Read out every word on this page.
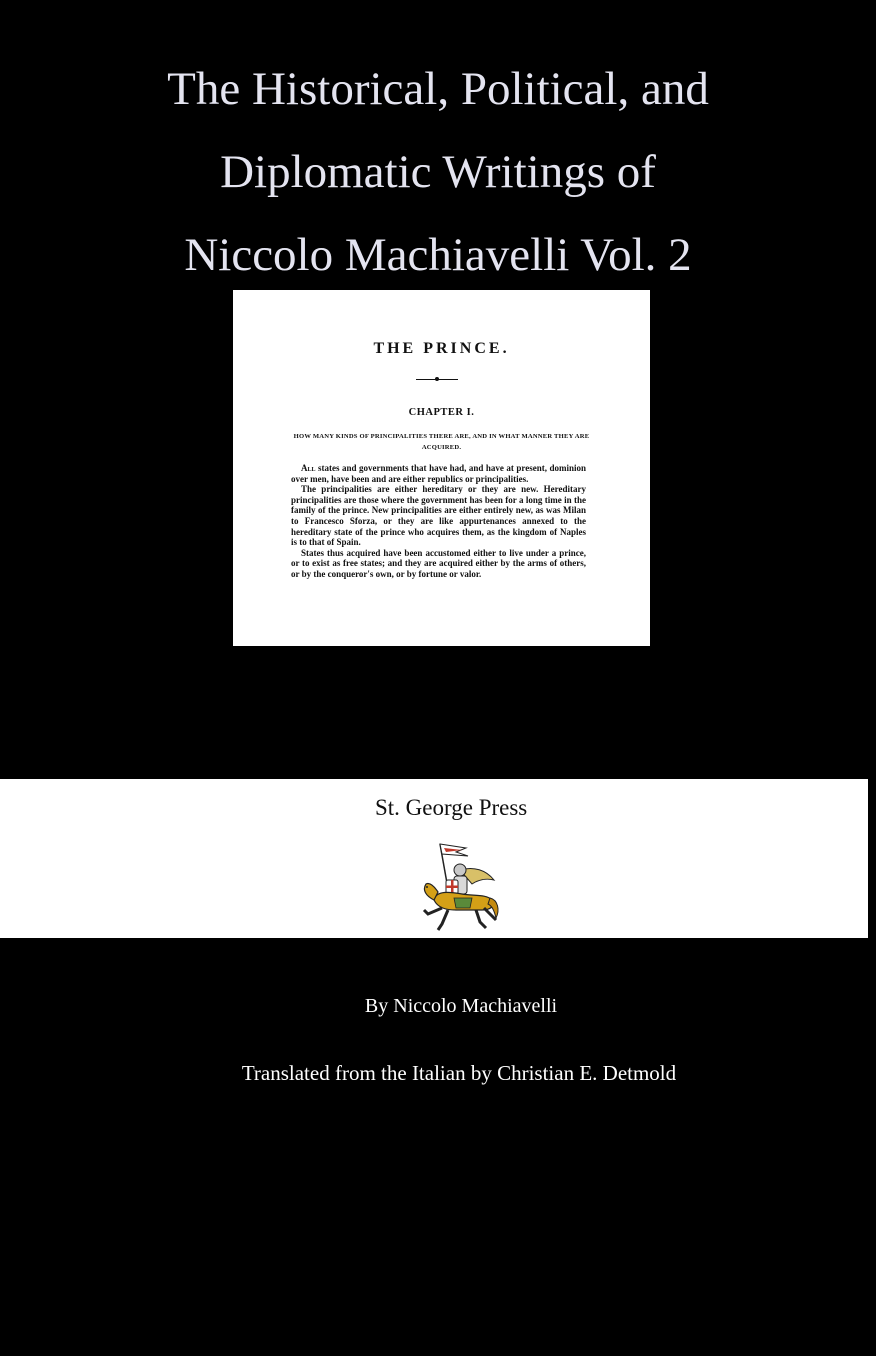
The Historical, Political, and
Diplomatic Writings of
Niccolo Machiavelli Vol. 2
THE PRINCE.
CHAPTER I.
HOW MANY KINDS OF PRINCIPALITIES THERE ARE, AND IN WHAT MANNER THEY ARE ACQUIRED.

All states and governments that have had, and have at present, dominion over men, have been and are either republics or principalities.

The principalities are either hereditary or they are new. Hereditary principalities are those where the government has been for a long time in the family of the prince. New principalities are either entirely new, as was Milan to Francesco Sforza, or they are like appurtenances annexed to the hereditary state of the prince who acquires them, as the kingdom of Naples is to that of Spain.

States thus acquired have been accustomed either to live under a prince, or to exist as free states; and they are acquired either by the arms of others, or by the conqueror's own, or by fortune or valor.

St. George Press
By Niccolo Machiavelli
Translated from the Italian by Christian E. Detmold
